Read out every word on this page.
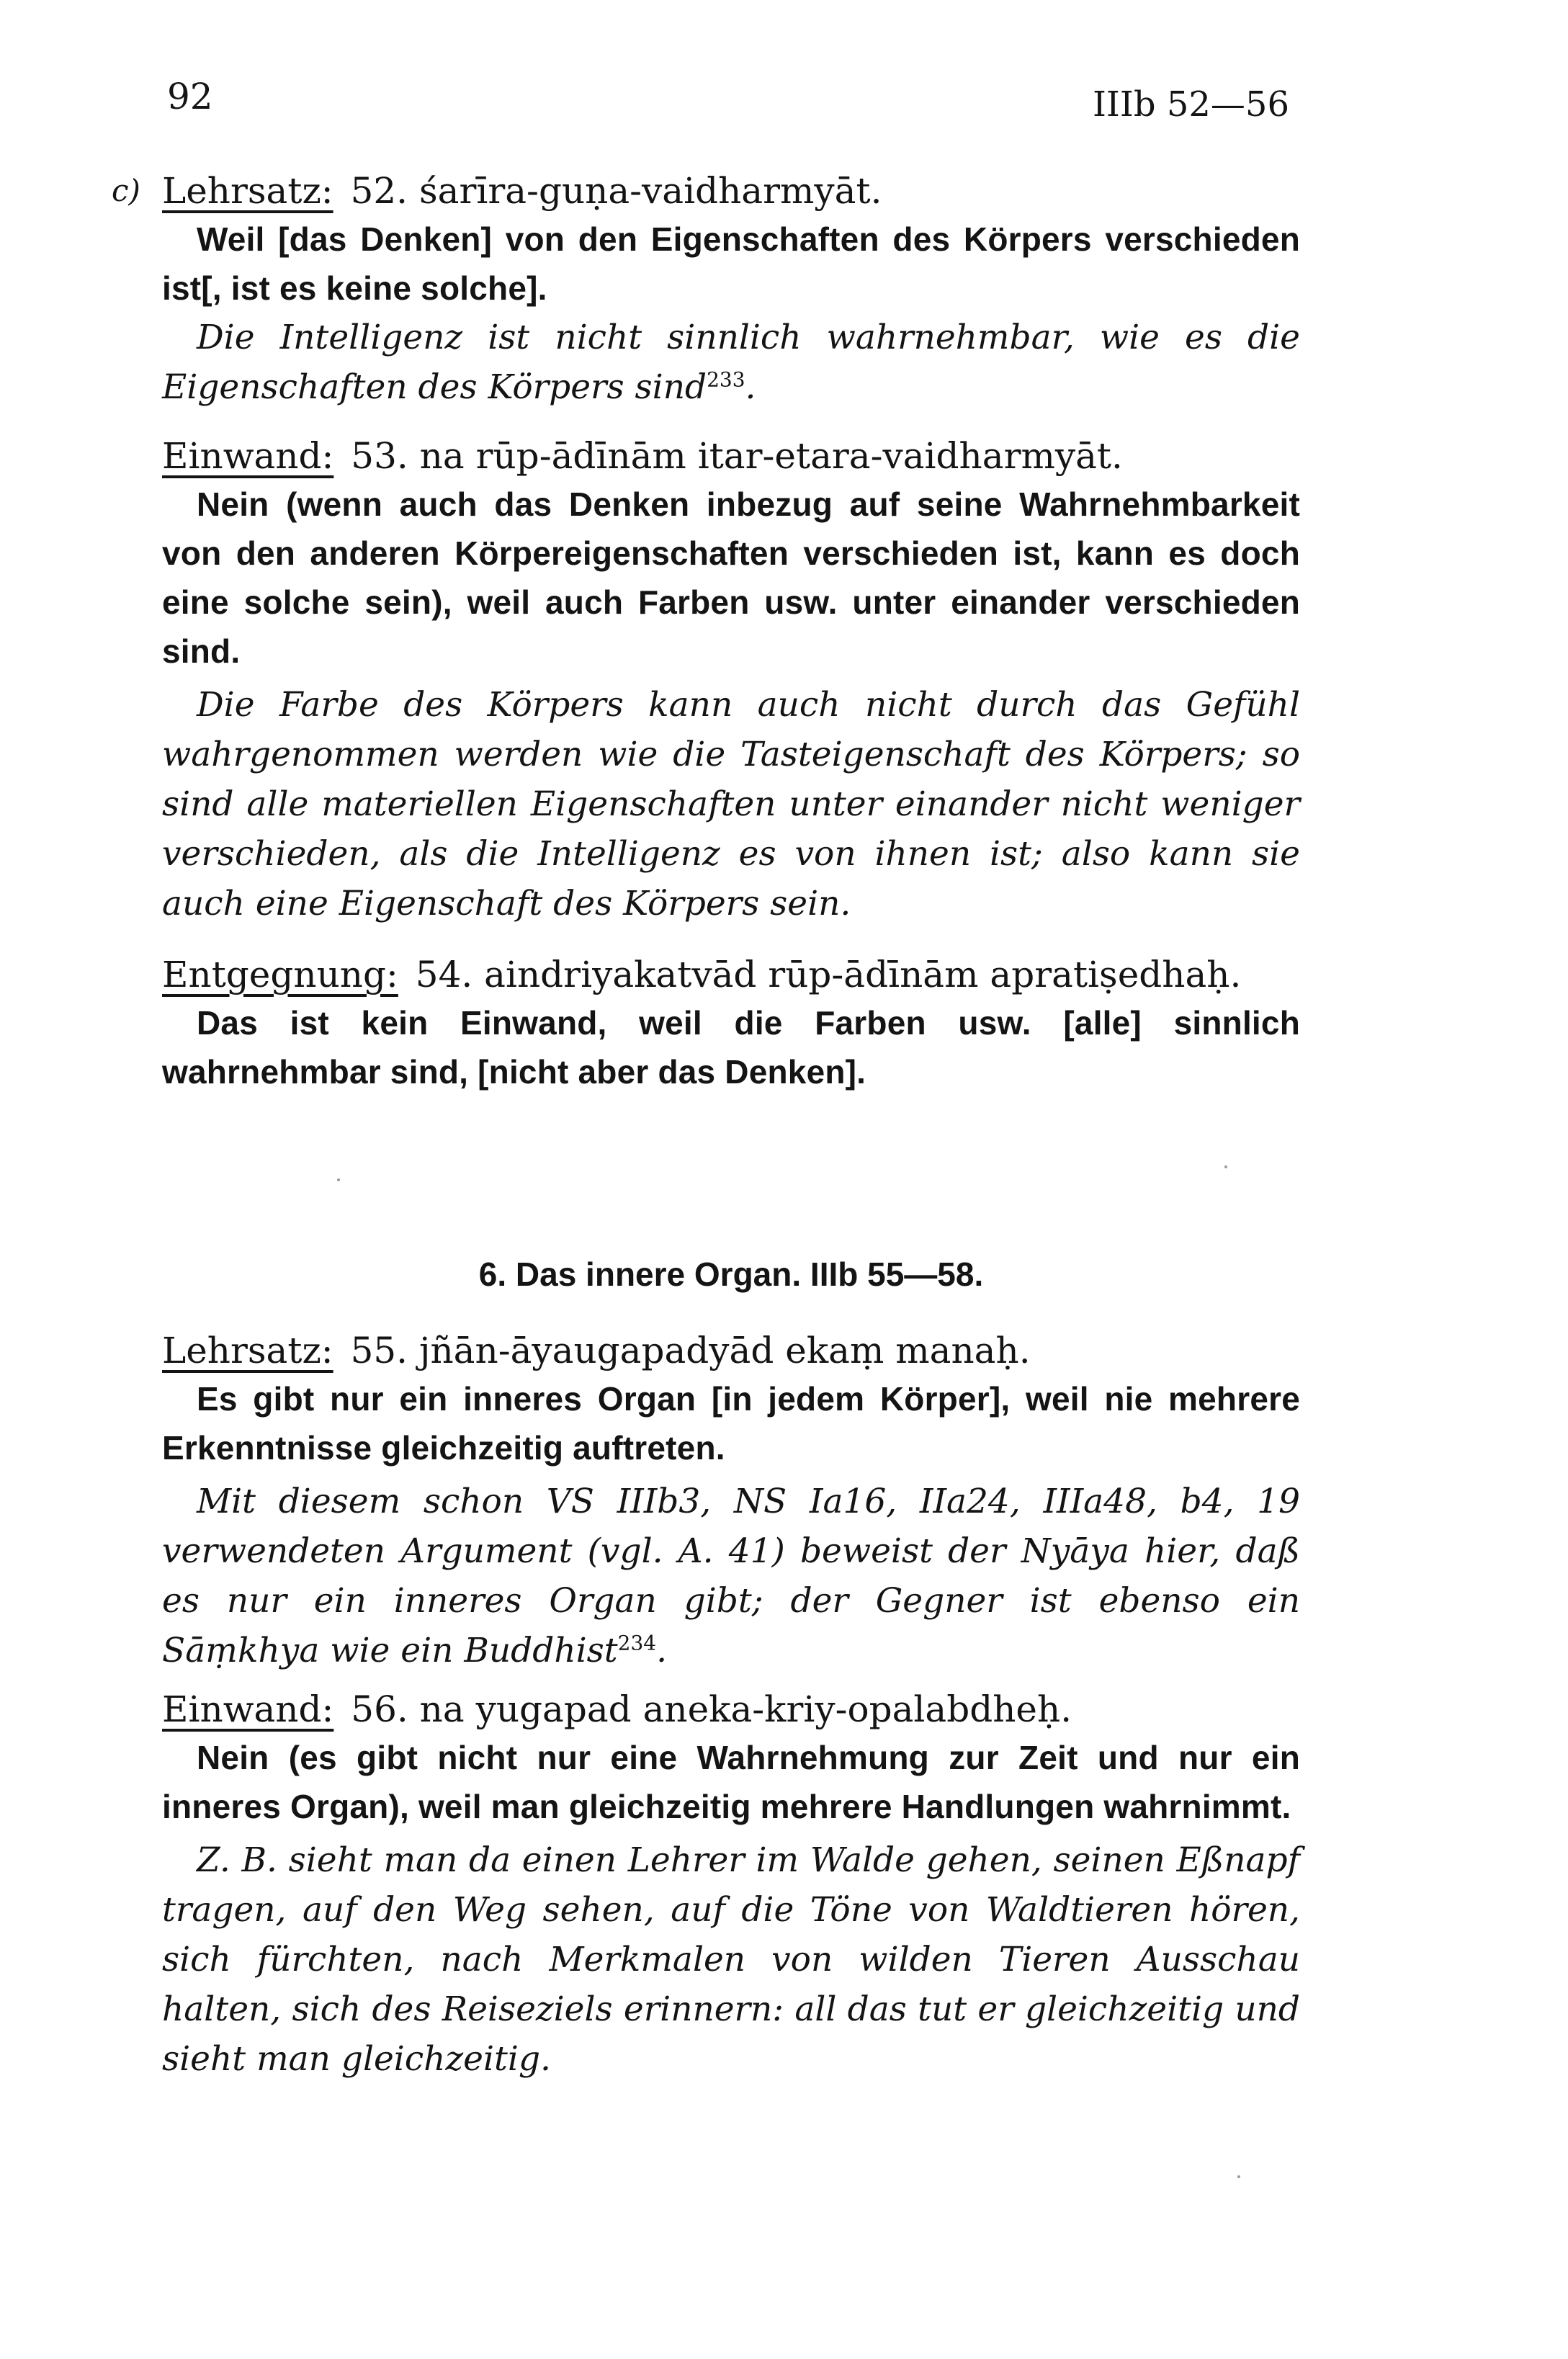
92	IIIb 52—56
c) Lehrsatz: 52. śarīra-guṇa-vaidharmyāt.
Weil [das Denken] von den Eigenschaften des Körpers verschieden ist[, ist es keine solche].
Die Intelligenz ist nicht sinnlich wahrnehmbar, wie es die Eigenschaften des Körpers sind$^{233}$.
Einwand: 53. na rūp-ādīnām itar-etara-vaidharmyāt.
Nein (wenn auch das Denken inbezug auf seine Wahrnehmbarkeit von den anderen Körpereigenschaften verschieden ist, kann es doch eine solche sein), weil auch Farben usw. unter einander verschieden sind.
Die Farbe des Körpers kann auch nicht durch das Gefühl wahrgenommen werden wie die Tasteigenschaft des Körpers; so sind alle materiellen Eigenschaften unter einander nicht weniger verschieden, als die Intelligenz es von ihnen ist; also kann sie auch eine Eigenschaft des Körpers sein.
Entgegnung: 54. aindriyakatvād rūp-ādīnām apratiṣedhaḥ.
Das ist kein Einwand, weil die Farben usw. [alle] sinnlich wahrnehmbar sind, [nicht aber das Denken].
6. Das innere Organ. IIIb 55—58.
Lehrsatz: 55. jñān-āyaugapadyād ekaṃ manaḥ.
Es gibt nur ein inneres Organ [in jedem Körper], weil nie mehrere Erkenntnisse gleichzeitig auftreten.
Mit diesem schon VS IIIb3, NS Ia16, IIa24, IIIa48, b4, 19 verwendeten Argument (vgl. A. 41) beweist der Nyāya hier, daß es nur ein inneres Organ gibt; der Gegner ist ebenso ein Sāṃkhya wie ein Buddhist$^{234}$.
Einwand: 56. na yugapad aneka-kriy-opalabdheḥ.
Nein (es gibt nicht nur eine Wahrnehmung zur Zeit und nur ein inneres Organ), weil man gleichzeitig mehrere Handlungen wahrnimmt.
Z. B. sieht man da einen Lehrer im Walde gehen, seinen Eßnapf tragen, auf den Weg sehen, auf die Töne von Waldtieren hören, sich fürchten, nach Merkmalen von wilden Tieren Ausschau halten, sich des Reiseziels erinnern: all das tut er gleichzeitig und sieht man gleichzeitig.
